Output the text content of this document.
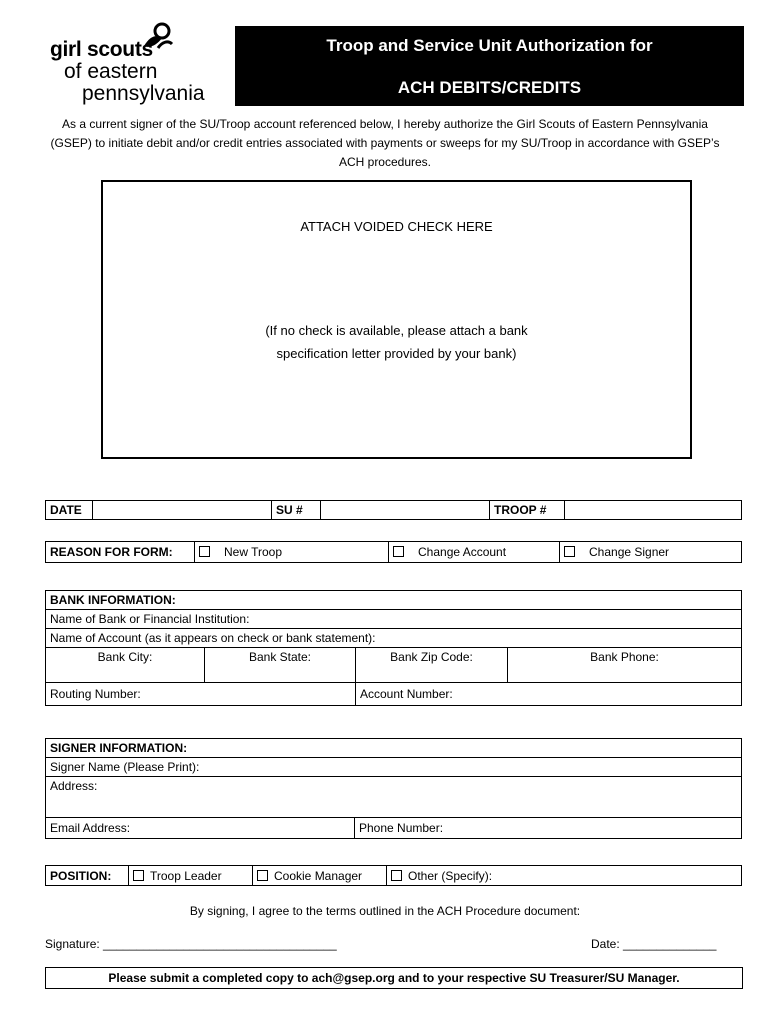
girl scouts
of eastern
pennsylvania
Troop and Service Unit Authorization for
ACH DEBITS/CREDITS
As a current signer of the SU/Troop account referenced below, I hereby authorize the Girl Scouts of Eastern Pennsylvania (GSEP) to initiate debit and/or credit entries associated with payments or sweeps for my SU/Troop in accordance with GSEP’s ACH procedures.
ATTACH VOIDED CHECK HERE
(If no check is available, please attach a bank
specification letter provided by your bank)
DATE		SU #		TROOP #	
REASON FOR FORM:	New Troop	Change Account	Change Signer
BANK INFORMATION:			
Name of Bank or Financial Institution:			
Name of Account (as it appears on check or bank statement):			
Bank City:	Bank State:	Bank Zip Code:	Bank Phone:
Routing Number:		Account Number:	
SIGNER INFORMATION:
Signer Name (Please Print):
Address:
Email Address:	Phone Number:
POSITION:	Troop Leader	Cookie Manager	Other (Specify):
By signing, I agree to the terms outlined in the ACH Procedure document:
Signature: ___________________________________	Date: ______________
Please submit a completed copy to ach@gsep.org and to your respective SU Treasurer/SU Manager.
